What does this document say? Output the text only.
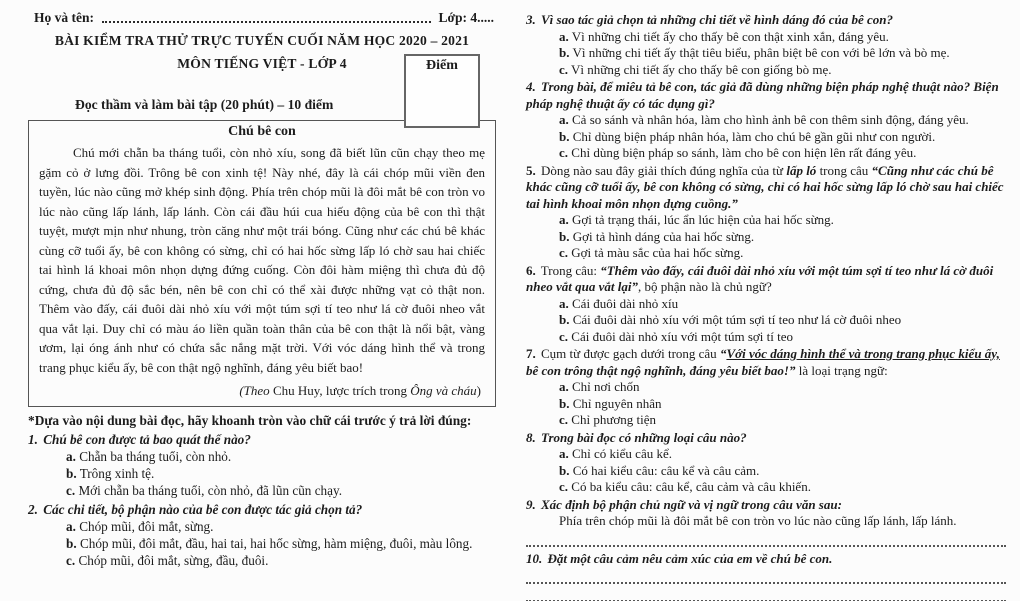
Họ và tên:	Lớp: 4.....
BÀI KIỂM TRA THỬ TRỰC TUYẾN CUỐI NĂM HỌC 2020 – 2021
MÔN TIẾNG VIỆT - LỚP 4
Đọc thầm và làm bài tập (20 phút) – 10 điểm
Chú bê con

Chú mới chẵn ba tháng tuổi, còn nhỏ xíu, song đã biết lũn cũn chạy theo mẹ gặm cỏ ở lưng đồi. Trông bê con xinh tệ! Này nhé, đây là cái chóp mũi viền đen tuyền, lúc nào cũng mở khép sinh động. Phía trên chóp mũi là đôi mắt bê con tròn vo lúc nào cũng lấp lánh, lấp lánh. Còn cái đầu húi cua hiếu động của bê con thì thật tuyệt, mượt mịn như nhung, tròn căng như một trái bóng. Cũng như các chú bê khác cùng cỡ tuổi ấy, bê con không có sừng, chỉ có hai hốc sừng lấp ló chờ sau hai chiếc tai hình lá khoai môn nhọn dựng đứng cuống. Còn đôi hàm miệng thì chưa đủ độ cứng, chưa đủ độ sắc bén, nên bê con chỉ có thể xài được những vạt cỏ thật non. Thêm vào đấy, cái đuôi dài nhỏ xíu với một túm sợi tí teo như lá cờ đuôi nheo vắt qua vắt lại. Duy chỉ có màu áo liền quần toàn thân của bê con thật là nổi bật, vàng ươm, lại óng ánh như có chứa sắc nắng mặt trời. Với vóc dáng hình thể và trong trang phục kiểu ấy, bê con thật ngộ nghĩnh, đáng yêu biết bao!

(Theo Chu Huy, lược trích trong Ông và cháu)
*Dựa vào nội dung bài đọc, hãy khoanh tròn vào chữ cái trước ý trả lời đúng:
1. Chú bê con được tả bao quát thế nào?
a. Chẵn ba tháng tuổi, còn nhỏ.
b. Trông xinh tệ.
c. Mới chẵn ba tháng tuổi, còn nhỏ, đã lũn cũn chạy.
2. Các chi tiết, bộ phận nào của bê con được tác giả chọn tả?
a. Chóp mũi, đôi mắt, sừng.
b. Chóp mũi, đôi mắt, đầu, hai tai, hai hốc sừng, hàm miệng, đuôi, màu lông.
c. Chóp mũi, đôi mắt, sừng, đầu, đuôi.
3. Vì sao tác giả chọn tả những chi tiết về hình dáng đó của bê con?
a. Vì những chi tiết ấy cho thấy bê con thật xinh xắn, đáng yêu.
b. Vì những chi tiết ấy thật tiêu biểu, phân biệt bê con với bê lớn và bò mẹ.
c. Vì những chi tiết ấy cho thấy bê con giống bò mẹ.
4. Trong bài, để miêu tả bê con, tác giả đã dùng những biện pháp nghệ thuật nào? Biện pháp nghệ thuật ấy có tác dụng gì?
a. Cả so sánh và nhân hóa, làm cho hình ảnh bê con thêm sinh động, đáng yêu.
b. Chỉ dùng biện pháp nhân hóa, làm cho chú bê gần gũi như con người.
c. Chỉ dùng biện pháp so sánh, làm cho bê con hiện lên rất đáng yêu.
5. Dòng nào sau đây giải thích đúng nghĩa của từ lấp ló trong câu “Cũng như các chú bê khác cũng cỡ tuổi ấy, bê con không có sừng, chỉ có hai hốc sừng lấp ló chờ sau hai chiếc tai hình khoai môn nhọn dựng cuồng.”
a. Gợi tả trạng thái, lúc ẩn lúc hiện của hai hốc sừng.
b. Gợi tả hình dáng của hai hốc sừng.
c. Gợi tả màu sắc của hai hốc sừng.
6. Trong câu: “Thêm vào đấy, cái đuôi dài nhỏ xíu với một túm sợi tí teo như lá cờ đuôi nheo vắt qua vắt lại”, bộ phận nào là chủ ngữ?
a. Cái đuôi dài nhỏ xíu
b. Cái đuôi dài nhỏ xíu với một túm sợi tí teo như lá cờ đuôi nheo
c. Cái đuôi dài nhỏ xíu với một túm sợi tí teo
7. Cụm từ được gạch dưới trong câu “Với vóc dáng hình thể và trong trang phục kiểu ấy, bê con trông thật ngộ nghĩnh, đáng yêu biết bao!” là loại trạng ngữ:
a. Chỉ nơi chốn
b. Chỉ nguyên nhân
c. Chỉ phương tiện
8. Trong bài đọc có những loại câu nào?
a. Chỉ có kiểu câu kể.
b. Có hai kiểu câu: câu kể và câu cảm.
c. Có ba kiểu câu: câu kể, câu cảm và câu khiến.
9. Xác định bộ phận chủ ngữ và vị ngữ trong câu văn sau:
Phía trên chóp mũi là đôi mắt bê con tròn vo lúc nào cũng lấp lánh, lấp lánh.
10. Đặt một câu cảm nêu cảm xúc của em về chú bê con.
Điểm
